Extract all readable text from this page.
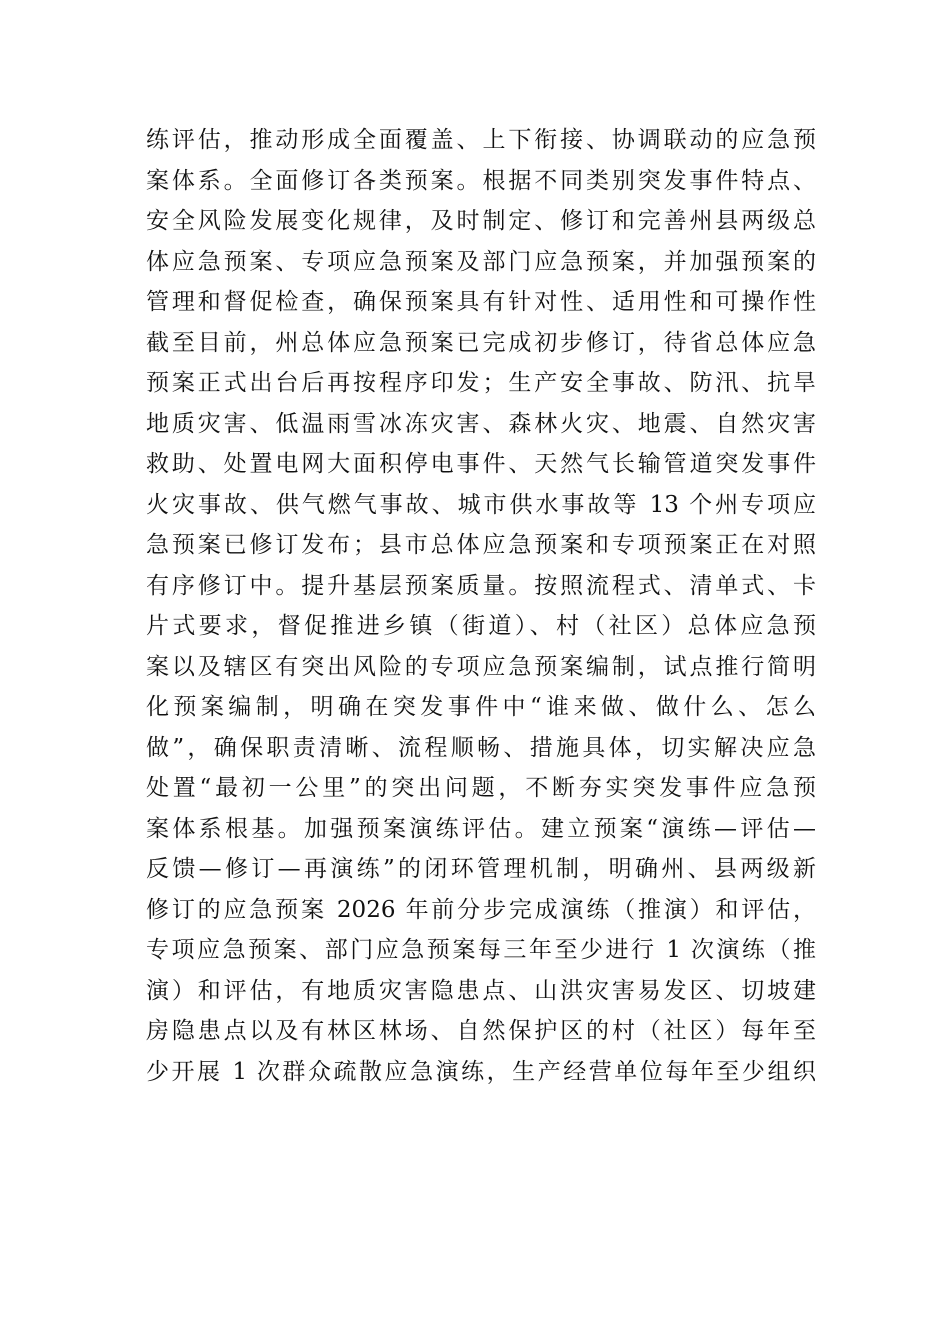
练评估，推动形成全面覆盖、上下衔接、协调联动的应急预
案体系。全面修订各类预案。根据不同类别突发事件特点、
安全风险发展变化规律，及时制定、修订和完善州县两级总
体应急预案、专项应急预案及部门应急预案，并加强预案的
管理和督促检查，确保预案具有针对性、适用性和可操作性
截至目前，州总体应急预案已完成初步修订，待省总体应急
预案正式出台后再按程序印发；生产安全事故、防汛、抗旱
地质灾害、低温雨雪冰冻灾害、森林火灾、地震、自然灾害
救助、处置电网大面积停电事件、天然气长输管道突发事件
火灾事故、供气燃气事故、城市供水事故等 13 个州专项应
急预案已修订发布；县市总体应急预案和专项预案正在对照
有序修订中。提升基层预案质量。按照流程式、清单式、卡
片式要求，督促推进乡镇（街道）、村（社区）总体应急预
案以及辖区有突出风险的专项应急预案编制，试点推行简明
化预案编制，明确在突发事件中“谁来做、做什么、怎么
做”，确保职责清晰、流程顺畅、措施具体，切实解决应急
处置“最初一公里”的突出问题，不断夯实突发事件应急预
案体系根基。加强预案演练评估。建立预案“演练—评估—
反馈—修订—再演练”的闭环管理机制，明确州、县两级新
修订的应急预案 2026 年前分步完成演练（推演）和评估，
专项应急预案、部门应急预案每三年至少进行 1 次演练（推
演）和评估，有地质灾害隐患点、山洪灾害易发区、切坡建
房隐患点以及有林区林场、自然保护区的村（社区）每年至
少开展 1 次群众疏散应急演练，生产经营单位每年至少组织
